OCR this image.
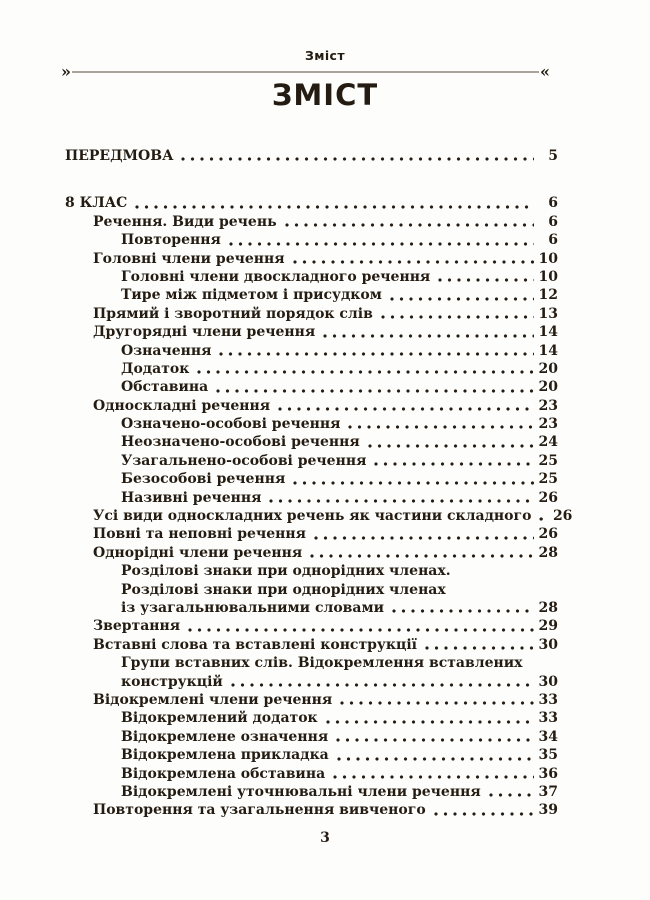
Зміст
»	«
ЗМІСТ
ПЕРЕДМОВА	5
8 КЛАС	6
Речення. Види речень	6
Повторення	6
Головні члени речення	10
Головні члени двоскладного речення	10
Тире між підметом і присудком	12
Прямий і зворотний порядок слів	13
Другорядні члени речення	14
Означення	14
Додаток	20
Обставина	20
Односкладні речення	23
Означено-особові речення	23
Неозначено-особові речення	24
Узагальнено-особові речення	25
Безособові речення	25
Називні речення	26
Усі види односкладних речень як частини складного 26
Повні та неповні речення	26
Однорідні члени речення	28
Розділові знаки при однорідних членах.
Розділові знаки при однорідних членах
із узагальнювальними словами	28
Звертання	29
Вставні слова та вставлені конструкції	30
Групи вставних слів. Відокремлення вставлених
конструкцій	30
Відокремлені члени речення	33
Відокремлений додаток	33
Відокремлене означення	34
Відокремлена прикладка	35
Відокремлена обставина	36
Відокремлені уточнювальні члени речення	37
Повторення та узагальнення вивченого	39
3
